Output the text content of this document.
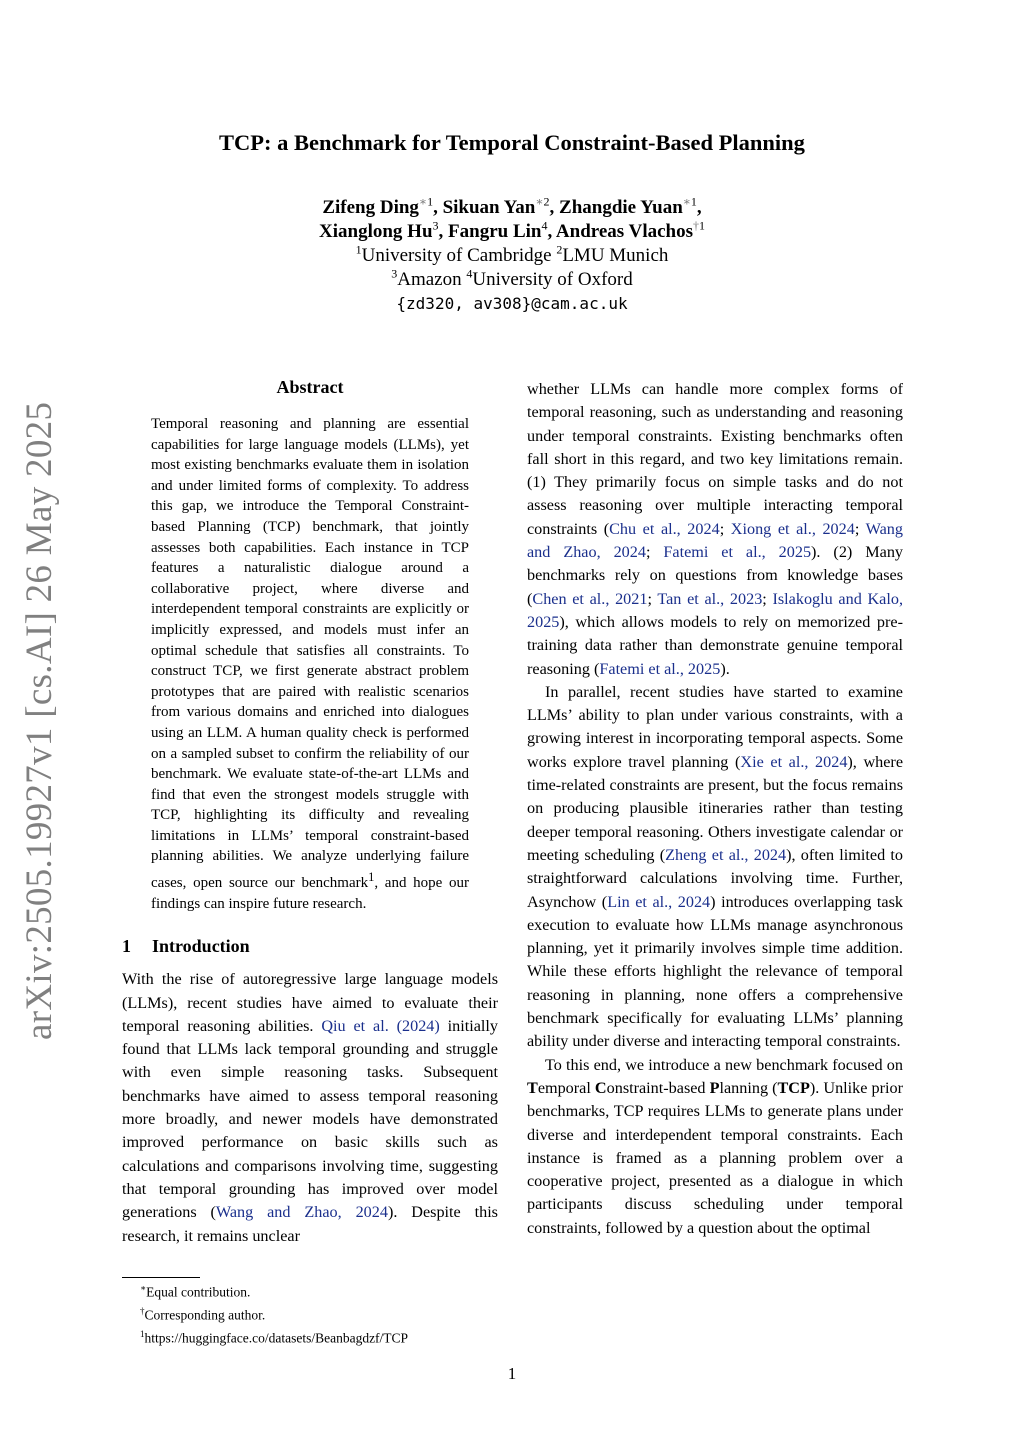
arXiv:2505.19927v1 [cs.AI] 26 May 2025
TCP: a Benchmark for Temporal Constraint-Based Planning
Zifeng Ding$^{∗1}$, Sikuan Yan$^{∗2}$, Zhangdie Yuan$^{∗1}$,
Xianglong Hu$^3$, Fangru Lin$^4$, Andreas Vlachos$^{\dagger 1}$
$^1$University of Cambridge $^2$LMU Munich
$^3$Amazon $^4$University of Oxford
{zd320, av308}@cam.ac.uk
Abstract
Temporal reasoning and planning are essential capabilities for large language models (LLMs), yet most existing benchmarks evaluate them in isolation and under limited forms of complexity. To address this gap, we introduce the Temporal Constraint-based Planning (TCP) benchmark, that jointly assesses both capabilities. Each instance in TCP features a naturalistic dialogue around a collaborative project, where diverse and interdependent temporal constraints are explicitly or implicitly expressed, and models must infer an optimal schedule that satisfies all constraints. To construct TCP, we first generate abstract problem prototypes that are paired with realistic scenarios from various domains and enriched into dialogues using an LLM. A human quality check is performed on a sampled subset to confirm the reliability of our benchmark. We evaluate state-of-the-art LLMs and find that even the strongest models struggle with TCP, highlighting its difficulty and revealing limitations in LLMs’ temporal constraint-based planning abilities. We analyze underlying failure cases, open source our benchmark$^1$, and hope our findings can inspire future research.
1 Introduction
With the rise of autoregressive large language models (LLMs), recent studies have aimed to evaluate their temporal reasoning abilities. Qiu et al. (2024) initially found that LLMs lack temporal grounding and struggle with even simple reasoning tasks. Subsequent benchmarks have aimed to assess temporal reasoning more broadly, and newer models have demonstrated improved performance on basic skills such as calculations and comparisons involving time, suggesting that temporal grounding has improved over model generations (Wang and Zhao, 2024). Despite this research, it remains unclear
whether LLMs can handle more complex forms of temporal reasoning, such as understanding and reasoning under temporal constraints. Existing benchmarks often fall short in this regard, and two key limitations remain. (1) They primarily focus on simple tasks and do not assess reasoning over multiple interacting temporal constraints (Chu et al., 2024; Xiong et al., 2024; Wang and Zhao, 2024; Fatemi et al., 2025). (2) Many benchmarks rely on questions from knowledge bases (Chen et al., 2021; Tan et al., 2023; Islakoglu and Kalo, 2025), which allows models to rely on memorized pre-training data rather than demonstrate genuine temporal reasoning (Fatemi et al., 2025).
In parallel, recent studies have started to examine LLMs’ ability to plan under various constraints, with a growing interest in incorporating temporal aspects. Some works explore travel planning (Xie et al., 2024), where time-related constraints are present, but the focus remains on producing plausible itineraries rather than testing deeper temporal reasoning. Others investigate calendar or meeting scheduling (Zheng et al., 2024), often limited to straightforward calculations involving time. Further, Asynchow (Lin et al., 2024) introduces overlapping task execution to evaluate how LLMs manage asynchronous planning, yet it primarily involves simple time addition. While these efforts highlight the relevance of temporal reasoning in planning, none offers a comprehensive benchmark specifically for evaluating LLMs’ planning ability under diverse and interacting temporal constraints.
To this end, we introduce a new benchmark focused on Temporal Constraint-based Planning (TCP). Unlike prior benchmarks, TCP requires LLMs to generate plans under diverse and interdependent temporal constraints. Each instance is framed as a planning problem over a cooperative project, presented as a dialogue in which participants discuss scheduling under temporal constraints, followed by a question about the optimal
∗Equal contribution.
†Corresponding author.
$^1$https://huggingface.co/datasets/Beanbagdzf/TCP
1
